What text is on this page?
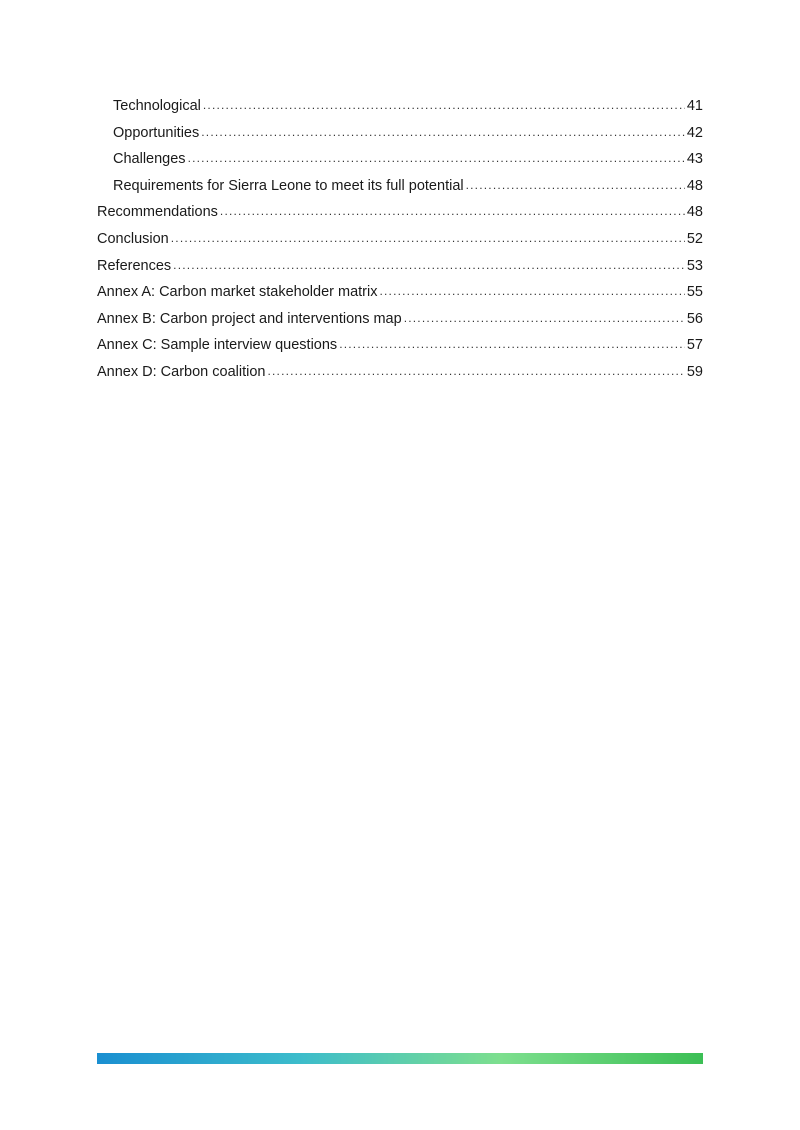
Technological .....	41
Opportunities .....	42
Challenges .....	43
Requirements for Sierra Leone to meet its full potential .....	48
Recommendations .....	48
Conclusion .....	52
References .....	53
Annex A: Carbon market stakeholder matrix .....	55
Annex B: Carbon project and interventions map .....	56
Annex C: Sample interview questions .....	57
Annex D: Carbon coalition .....	59
